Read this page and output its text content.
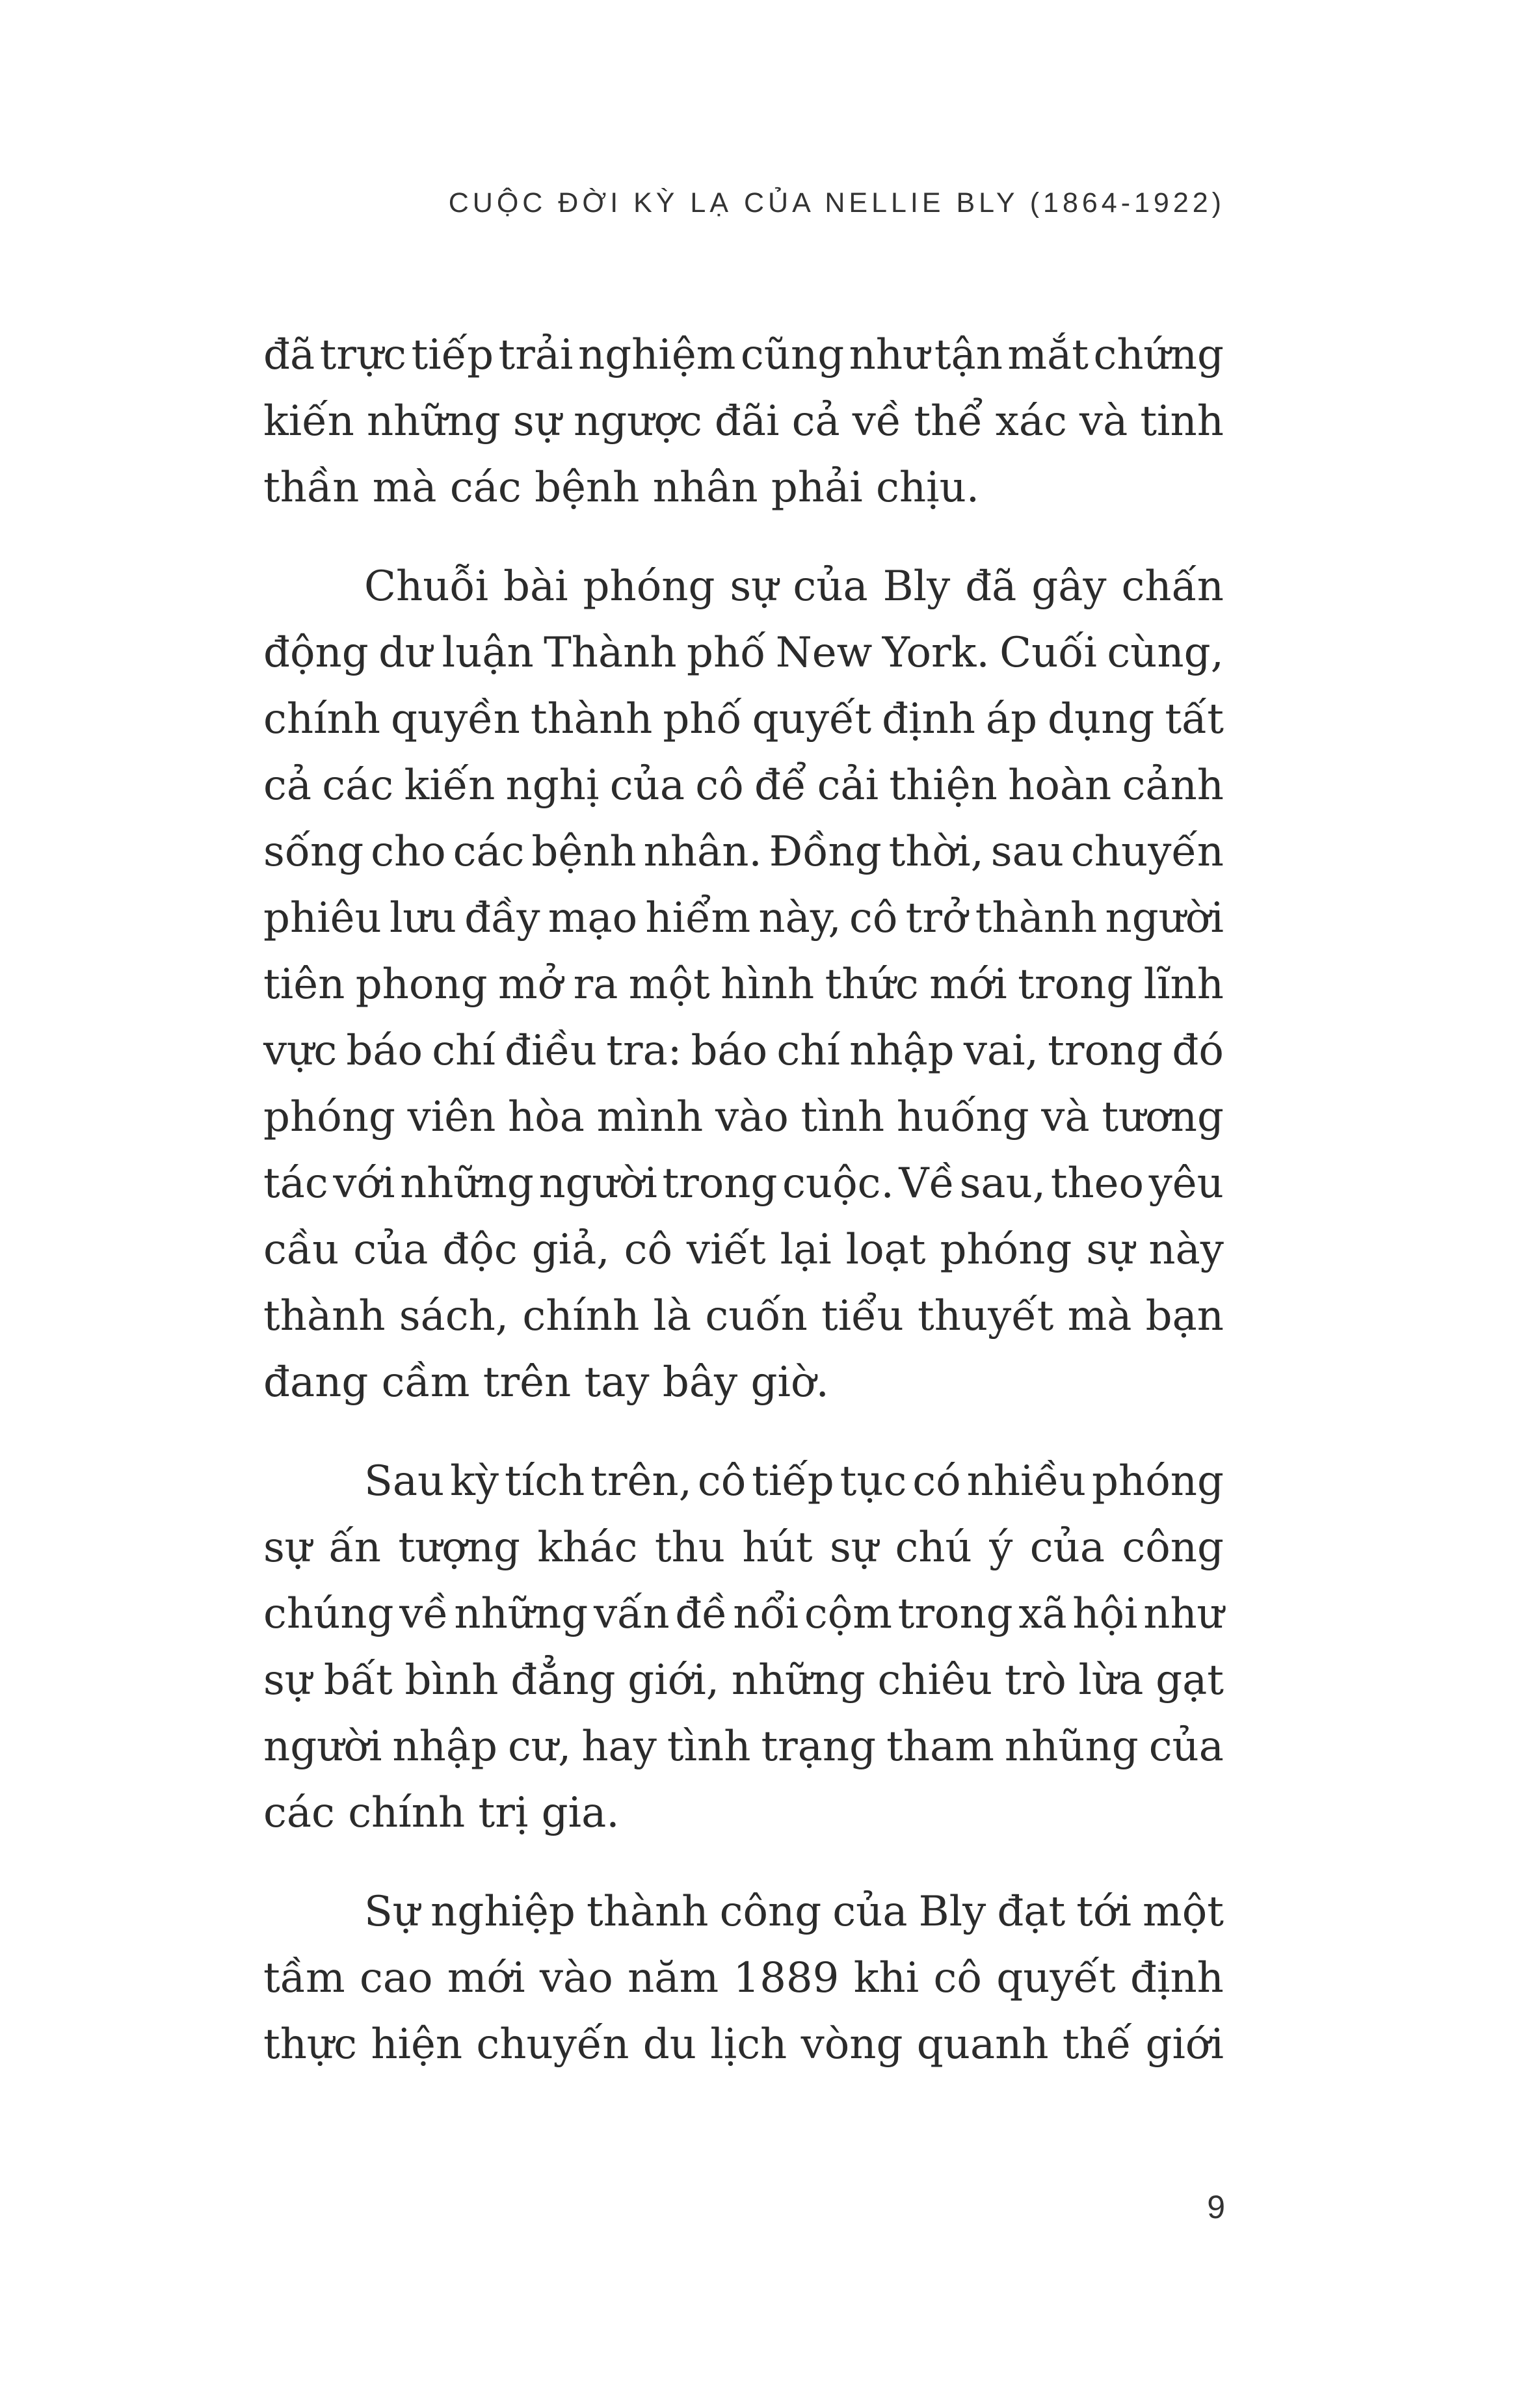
CUỘC ĐỜI KỲ LẠ CỦA NELLIE BLY (1864-1922)
đã trực tiếp trải nghiệm cũng như tận mắt chứng
kiến những sự ngược đãi cả về thể xác và tinh
thần mà các bệnh nhân phải chịu.
Chuỗi bài phóng sự của Bly đã gây chấn
động dư luận Thành phố New York. Cuối cùng,
chính quyền thành phố quyết định áp dụng tất
cả các kiến nghị của cô để cải thiện hoàn cảnh
sống cho các bệnh nhân. Đồng thời, sau chuyến
phiêu lưu đầy mạo hiểm này, cô trở thành người
tiên phong mở ra một hình thức mới trong lĩnh
vực báo chí điều tra: báo chí nhập vai, trong đó
phóng viên hòa mình vào tình huống và tương
tác với những người trong cuộc. Về sau, theo yêu
cầu của độc giả, cô viết lại loạt phóng sự này
thành sách, chính là cuốn tiểu thuyết mà bạn
đang cầm trên tay bây giờ.
Sau kỳ tích trên, cô tiếp tục có nhiều phóng
sự ấn tượng khác thu hút sự chú ý của công
chúng về những vấn đề nổi cộm trong xã hội như
sự bất bình đẳng giới, những chiêu trò lừa gạt
người nhập cư, hay tình trạng tham nhũng của
các chính trị gia.
Sự nghiệp thành công của Bly đạt tới một
tầm cao mới vào năm 1889 khi cô quyết định
thực hiện chuyến du lịch vòng quanh thế giới
9
